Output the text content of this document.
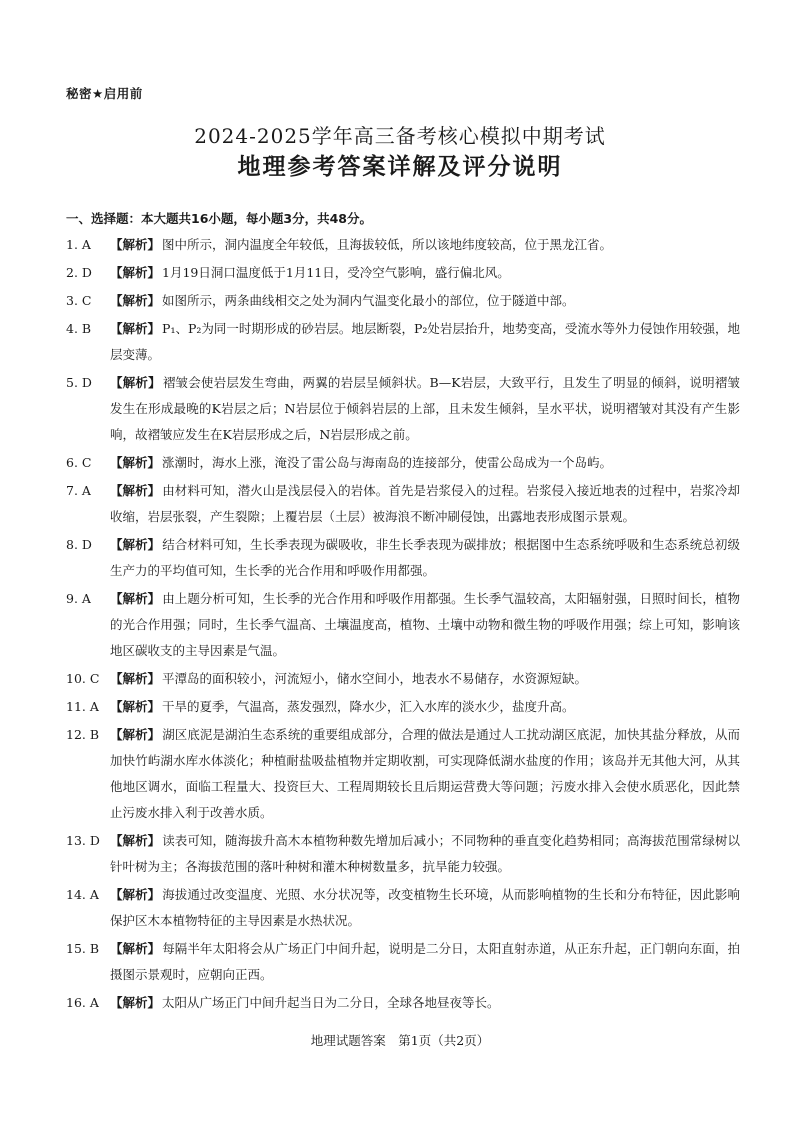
秘密★启用前
2024-2025学年高三备考核心模拟中期考试
地理参考答案详解及评分说明
一、选择题：本大题共16小题，每小题3分，共48分。
1. A 【解析】 图中所示，洞内温度全年较低，且海拔较低，所以该地纬度较高，位于黑龙江省。
2. D 【解析】 1月19日洞口温度低于1月11日，受冷空气影响，盛行偏北风。
3. C 【解析】 如图所示，两条曲线相交之处为洞内气温变化最小的部位，位于隧道中部。
4. B 【解析】 P₁、P₂为同一时期形成的砂岩层。地层断裂，P₂处岩层抬升，地势变高，受流水等外力侵蚀作用较强，地层变薄。
5. D 【解析】 褶皱会使岩层发生弯曲，两翼的岩层呈倾斜状。B—K岩层，大致平行，且发生了明显的倾斜，说明褶皱发生在形成最晚的K岩层之后；N岩层位于倾斜岩层的上部，且未发生倾斜，呈水平状，说明褶皱对其没有产生影响，故褶皱应发生在K岩层形成之后，N岩层形成之前。
6. C 【解析】 涨潮时，海水上涨，淹没了雷公岛与海南岛的连接部分，使雷公岛成为一个岛屿。
7. A 【解析】 由材料可知，潜火山是浅层侵入的岩体。首先是岩浆侵入的过程。岩浆侵入接近地表的过程中，岩浆冷却收缩，岩层张裂，产生裂隙；上覆岩层（土层）被海浪不断冲刷侵蚀，出露地表形成图示景观。
8. D 【解析】 结合材料可知，生长季表现为碳吸收，非生长季表现为碳排放；根据图中生态系统呼吸和生态系统总初级生产力的平均值可知，生长季的光合作用和呼吸作用都强。
9. A 【解析】 由上题分析可知，生长季的光合作用和呼吸作用都强。生长季气温较高，太阳辐射强，日照时间长，植物的光合作用强；同时，生长季气温高、土壤温度高，植物、土壤中动物和微生物的呼吸作用强；综上可知，影响该地区碳收支的主导因素是气温。
10. C 【解析】 平潭岛的面积较小，河流短小，储水空间小，地表水不易储存，水资源短缺。
11. A 【解析】 干旱的夏季，气温高，蒸发强烈，降水少，汇入水库的淡水少，盐度升高。
12. B 【解析】 湖区底泥是湖泊生态系统的重要组成部分，合理的做法是通过人工扰动湖区底泥，加快其盐分释放，从而加快竹屿湖水库水体淡化；种植耐盐吸盐植物并定期收割，可实现降低湖水盐度的作用；该岛并无其他大河，从其他地区调水，面临工程量大、投资巨大、工程周期较长且后期运营费大等问题；污废水排入会使水质恶化，因此禁止污废水排入利于改善水质。
13. D 【解析】 读表可知，随海拔升高木本植物种数先增加后减小；不同物种的垂直变化趋势相同；高海拔范围常绿树以针叶树为主；各海拔范围的落叶种树和灌木种树数量多，抗旱能力较强。
14. A 【解析】 海拔通过改变温度、光照、水分状况等，改变植物生长环境，从而影响植物的生长和分布特征，因此影响保护区木本植物特征的主导因素是水热状况。
15. B 【解析】 每隔半年太阳将会从广场正门中间升起，说明是二分日，太阳直射赤道，从正东升起，正门朝向东面，拍摄图示景观时，应朝向正西。
16. A 【解析】 太阳从广场正门中间升起当日为二分日，全球各地昼夜等长。
地理试题答案　第1页（共2页）
